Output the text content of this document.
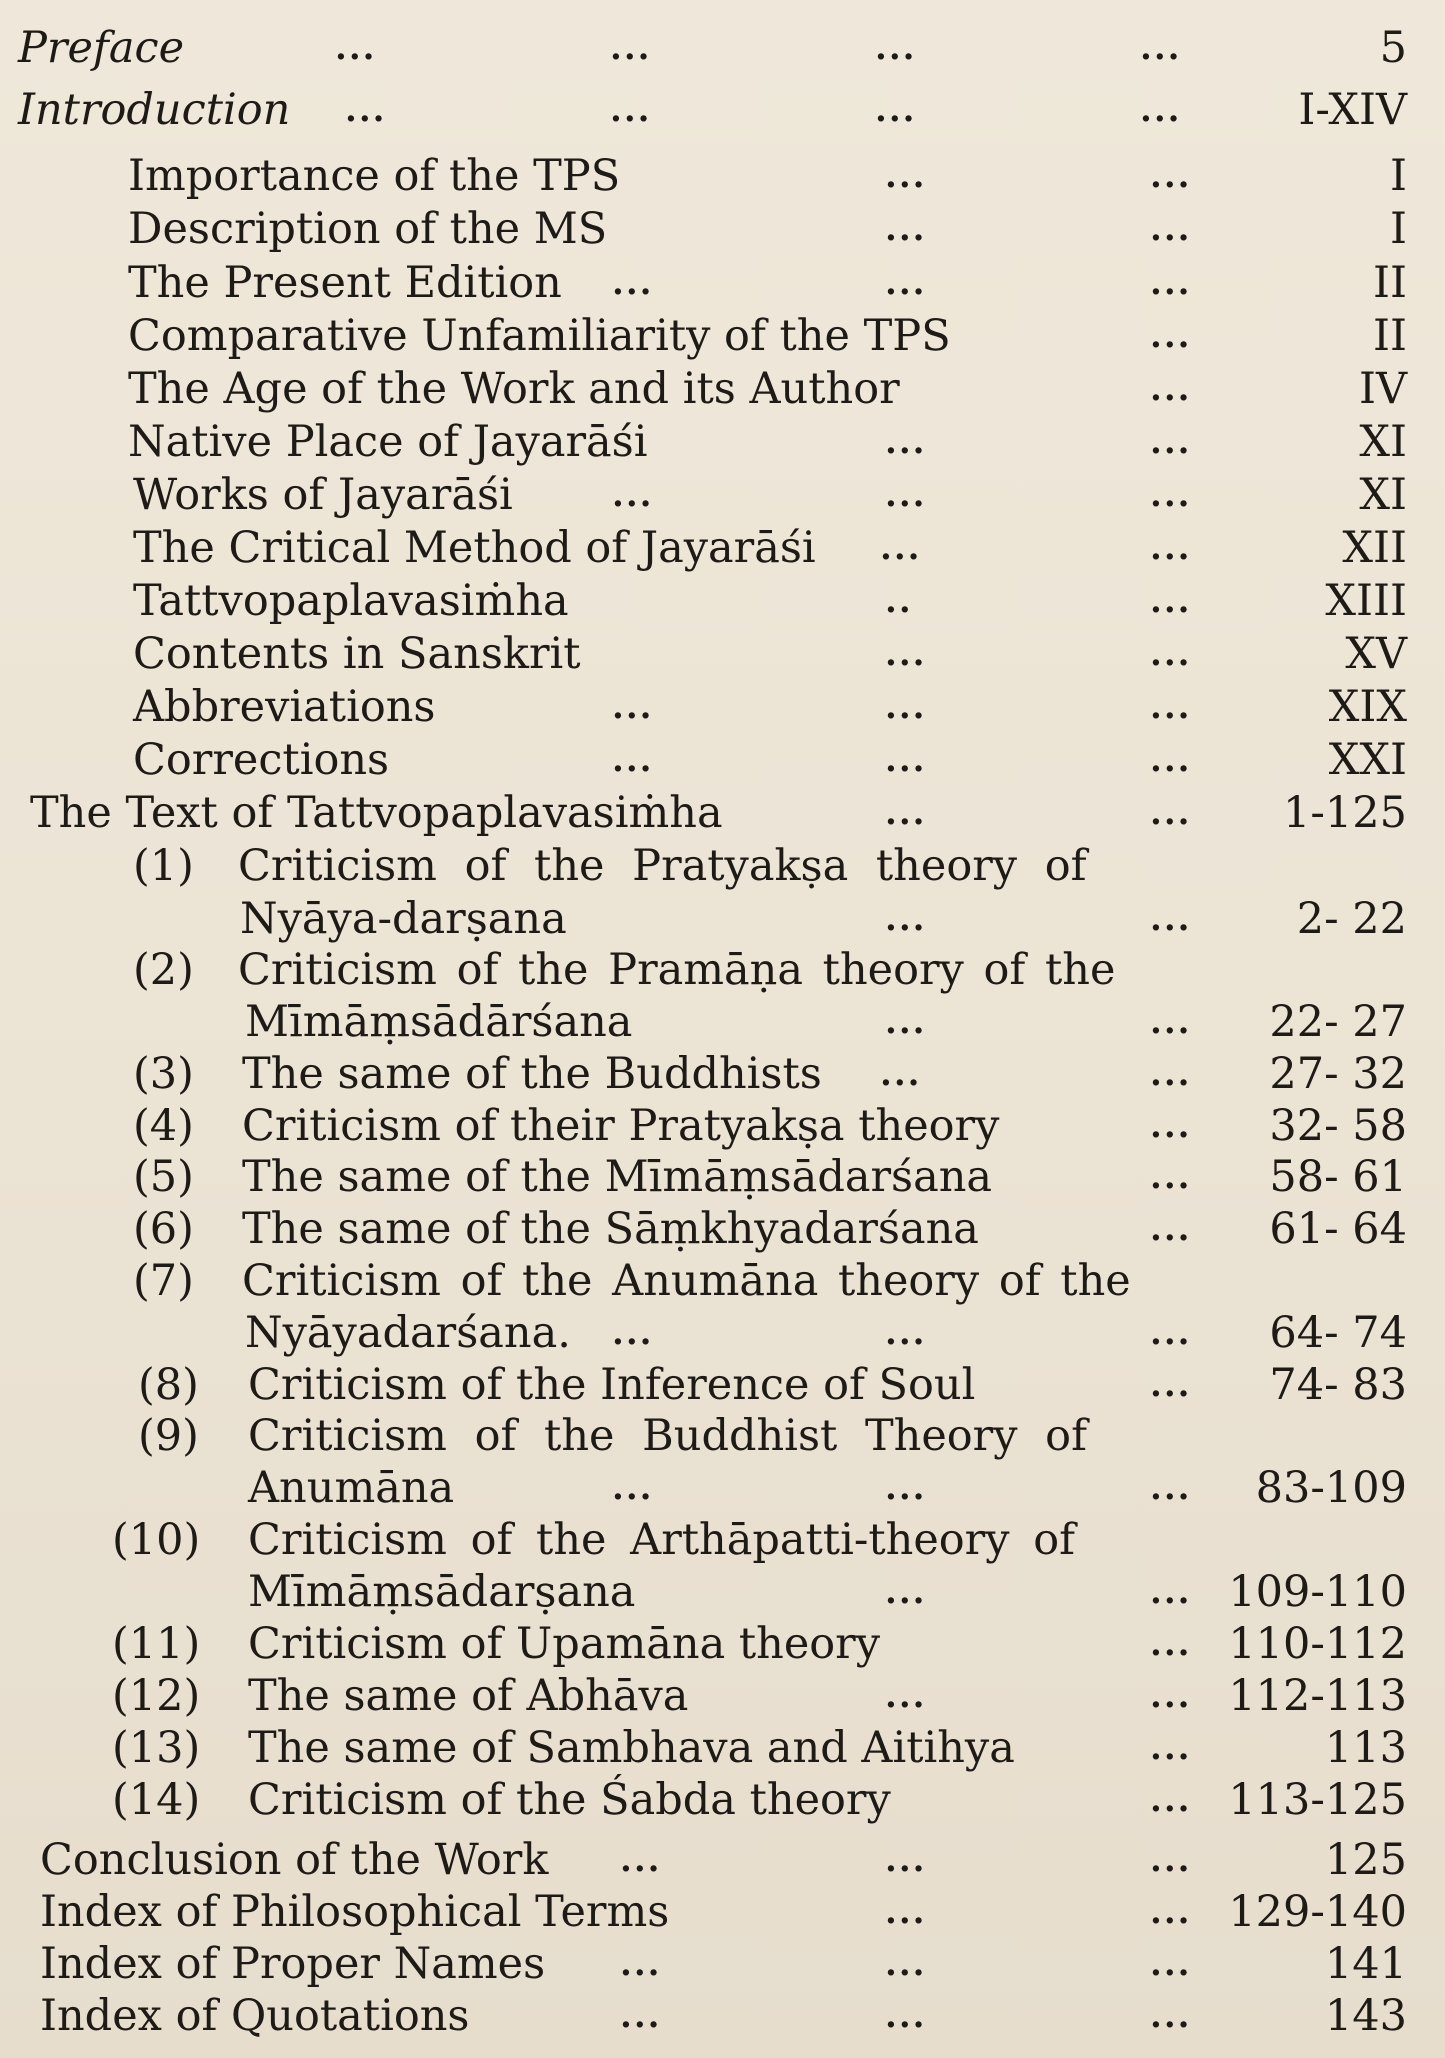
Preface	...	...	...	...	5
Introduction ...	...	...	...	I-XIV
Importance of the TPS	...	...	I
Description of the MS	...	...	I
The Present Edition ...	...	...	II
Comparative Unfamiliarity of the TPS	...	II
The Age of the Work and its Author	...	IV
Native Place of Jayarāśi	...	...	XI
Works of Jayarāśi	...	...	...	XI
The Critical Method of Jayarāśi ...	...	XII
Tattvopaplavasiṁha	..	...	XIII
Contents in Sanskrit	...	...	XV
Abbreviations	...	...	...	XIX
Corrections	...	...	...	XXI
The Text of Tattvopaplavasiṁha	...	... 1-125
(1) Criticism of the Pratyakṣa theory of
Nyāya-darṣana	...	... 2- 22
(2) Criticism of the Pramāṇa theory of the
Mīmāṃsādārśana	...	... 22- 27
(3) The same of the Buddhists ...	... 27- 32
(4) Criticism of their Pratyakṣa theory	... 32- 58
(5) The same of the Mīmāṃsādarśana	... 58- 61
(6) The same of the Sāṃkhyadarśana	... 61- 64
(7) Criticism of the Anumāna theory of the
Nyāyadarśana. ...	...	... 64- 74
(8) Criticism of the Inference of Soul	... 74- 83
(9) Criticism of the Buddhist Theory of
Anumāna	...	...	... 83-109
(10) Criticism of the Arthāpatti-theory of
Mīmāṃsādarṣana	...	... 109-110
(11) Criticism of Upamāna theory	... 110-112
(12) The same of Abhāva	...	... 112-113
(13) The same of Sambhava and Aitihya	...	113
(14) Criticism of the Śabda theory	... 113-125
Conclusion of the Work ...	...	...	125
Index of Philosophical Terms	...	... 129-140
Index of Proper Names ...	...	...	141
Index of Quotations	...	...	...	143
